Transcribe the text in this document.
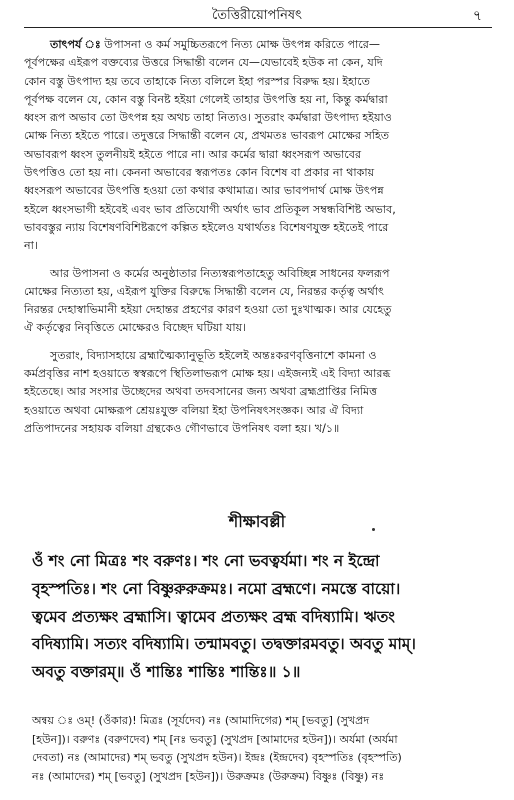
তৈত্তিরীয়োপনিষৎ	৭

তাৎপর্য ঃ উপাসনা ও কর্ম সমুচ্চিতরূপে নিত্য মোক্ষ উৎপন্ন করিতে পারে—
পূর্বপক্ষের এইরূপ বক্তব্যের উত্তরে সিদ্ধান্তী বলেন যে—যেভাবেই হউক না কেন, যদি
কোন বস্তু উৎপাদ্য হয় তবে তাহাকে নিত্য বলিলে ইহা পরস্পর বিরুদ্ধ হয়। ইহাতে
পূর্বপক্ষ বলেন যে, কোন বস্তু বিনষ্ট হইয়া গেলেই তাহার উৎপত্তি হয় না, কিন্তু কর্মদ্বারা
ধ্বংস রূপ অভাব তো উৎপন্ন হয় অথচ তাহা নিত্যও। সুতরাং কর্মদ্বারা উৎপাদ্য হইয়াও
মোক্ষ নিত্য হইতে পারে। তদুত্তরে সিদ্ধান্তী বলেন যে, প্রথমতঃ ভাবরূপ মোক্ষের সহিত
অভাবরূপ ধ্বংস তুলনীয়ই হইতে পারে না। আর কর্মের দ্বারা ধ্বংসরূপ অভাবের
উৎপত্তিও তো হয় না। কেননা অভাবের স্বরূপতঃ কোন বিশেষ বা প্রকার না থাকায়
ধ্বংসরূপ অভাবের উৎপত্তি হওয়া তো কথার কথামাত্র। আর ভাবপদার্থ মোক্ষ উৎপন্ন
হইলে ধ্বংসভাগী হইবেই এবং ভাব প্রতিযোগী অর্থাৎ ভাব প্রতিকূল সম্বন্ধবিশিষ্ট অভাব,
ভাববস্তুর ন্যায় বিশেষণবিশিষ্টরূপে কল্পিত হইলেও যথার্থতঃ বিশেষণযুক্ত হইতেই পারে
না।

আর উপাসনা ও কর্মের অনুষ্ঠাতার নিত্যস্বরূপতাহেতু অবিচ্ছিন্ন সাধনের ফলরূপ
মোক্ষের নিত্যতা হয়, এইরূপ যুক্তির বিরুদ্ধে সিদ্ধান্তী বলেন যে, নিরন্তর কর্তৃত্ব অর্থাৎ
নিরন্তর দেহাস্বাভিমানী হইয়া দেহান্তর প্রহণের কারণ হওয়া তো দুঃখাত্মক। আর যেহেতু
ঐ কর্তৃত্বের নিবৃত্তিতে মোক্ষেরও বিচ্ছেদ ঘটিয়া যায়।

সুতরাং, বিদ্যাসহায়ে ব্রহ্মাত্মৈক্যানুভূতি হইলেই অন্তঃকরণবৃত্তিনাশে কামনা ও
কর্মপ্রবৃত্তির নাশ হওয়াতে স্বস্বরূপে স্থিতিলাভরূপ মোক্ষ হয়। এইজন্যই এই বিদ্যা আরব্ধ
হইতেছে। আর সংসার উচ্ছেদের অথবা তদবসানের জন্য অথবা ব্রহ্মপ্রাপ্তির নিমিত্ত
হওয়াতে অথবা মোক্ষরূপ শ্রেয়ঃযুক্ত বলিয়া ইহা উপনিষৎসংজ্ঞক। আর ঐ বিদ্যা
প্রতিপাদনের সহায়ক বলিয়া গ্রন্থকেও গৌণভাবে উপনিষৎ বলা হয়। খ/১॥

শীক্ষাবল্লী
ওঁ শং নো মিত্রঃ শং বরুণঃ। শং নো ভবত্বর্যমা। শং ন ইন্দ্রো
বৃহস্পতিঃ। শং নো বিষ্ণুরুরুক্রমঃ। নমো ব্রহ্মণে। নমস্তে বায়ো।
ত্বমেব প্রত্যক্ষং ব্রহ্মাসি। ত্বামেব প্রত্যক্ষং ব্রহ্ম বদিষ্যামি। ঋতং
বদিষ্যামি। সত্যং বদিষ্যামি। তন্মামবতু। তদ্বক্তারমবতু। অবতু মাম্।
অবতু বক্তারম্॥ ওঁ শান্তিঃ শান্তিঃ শান্তিঃ॥ ১॥
অন্বয় ঃ ওম্! (ওঁকার)! মিত্রঃ (সূর্যদেব) নঃ (আমাদিগের) শম্ [ভবতু] (সুখপ্রদ
[হউন])। বরুণঃ (বরুণদেব) শম্ [নঃ ভবতু] (সুখপ্রদ [আমাদের হউন])। অর্যমা (অর্যমা
দেবতা) নঃ (আমাদের) শম্ ভবতু (সুখপ্রদ হউন)। ইন্দ্রঃ (ইন্দ্রদেব) বৃহস্পতিঃ (বৃহস্পতি)
নঃ (আমাদের) শম্ [ভবতু] (সুখপ্রদ [হউন])। উরুক্রমঃ (উরুক্রম) বিষ্ণুঃ (বিষ্ণু) নঃ
